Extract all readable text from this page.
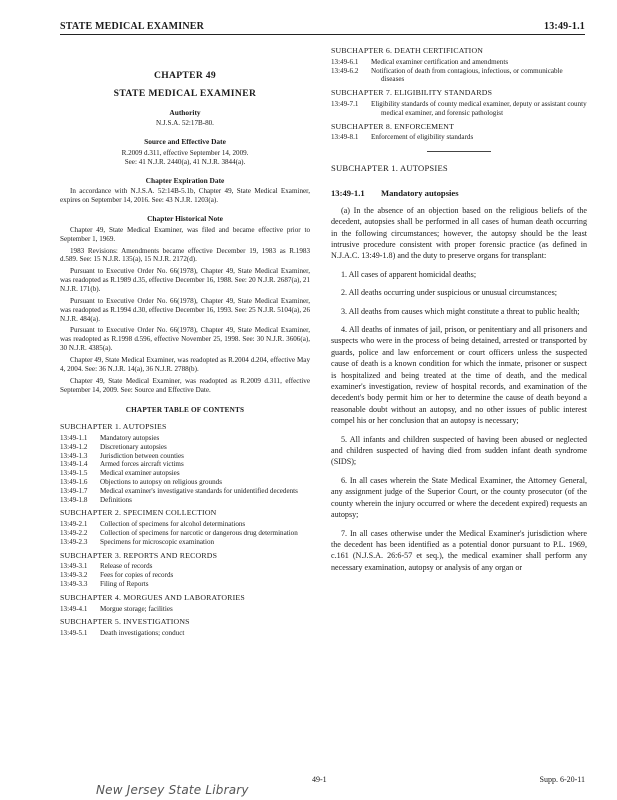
STATE MEDICAL EXAMINER	13:49-1.1
CHAPTER 49
STATE MEDICAL EXAMINER
Authority
N.J.S.A. 52:17B-80.
Source and Effective Date
R.2009 d.311, effective September 14, 2009.
See: 41 N.J.R. 2440(a), 41 N.J.R. 3844(a).
Chapter Expiration Date

In accordance with N.J.S.A. 52:14B-5.1b, Chapter 49, State Medical Examiner, expires on September 14, 2016. See: 43 N.J.R. 1203(a).

Chapter Historical Note

Chapter 49, State Medical Examiner, was filed and became effective prior to September 1, 1969.

1983 Revisions: Amendments became effective December 19, 1983 as R.1983 d.589. See: 15 N.J.R. 135(a), 15 N.J.R. 2172(d).

Pursuant to Executive Order No. 66(1978), Chapter 49, State Medical Examiner, was readopted as R.1989 d.35, effective December 16, 1988. See: 20 N.J.R. 2687(a), 21 N.J.R. 171(b).

Pursuant to Executive Order No. 66(1978), Chapter 49, State Medical Examiner, was readopted as R.1994 d.30, effective December 16, 1993. See: 25 N.J.R. 5104(a), 26 N.J.R. 484(a).

Pursuant to Executive Order No. 66(1978), Chapter 49, State Medical Examiner, was readopted as R.1998 d.596, effective November 25, 1998. See: 30 N.J.R. 3606(a), 30 N.J.R. 4385(a).

Chapter 49, State Medical Examiner, was readopted as R.2004 d.204, effective May 4, 2004. See: 36 N.J.R. 14(a), 36 N.J.R. 2788(b).

Chapter 49, State Medical Examiner, was readopted as R.2009 d.311, effective September 14, 2009. See: Source and Effective Date.

CHAPTER TABLE OF CONTENTS
SUBCHAPTER 1. AUTOPSIES
13:49-1.1	Mandatory autopsies
13:49-1.2	Discretionary autopsies
13:49-1.3	Jurisdiction between counties
13:49-1.4	Armed forces aircraft victims
13:49-1.5	Medical examiner autopsies
13:49-1.6	Objections to autopsy on religious grounds
13:49-1.7	Medical examiner's investigative standards for unidentified decedents
13:49-1.8	Definitions
SUBCHAPTER 2. SPECIMEN COLLECTION
13:49-2.1	Collection of specimens for alcohol determinations
13:49-2.2	Collection of specimens for narcotic or dangerous drug determination
13:49-2.3	Specimens for microscopic examination
SUBCHAPTER 3. REPORTS AND RECORDS
13:49-3.1	Release of records
13:49-3.2	Fees for copies of records
13:49-3.3	Filing of Reports
SUBCHAPTER 4. MORGUES AND LABORATORIES
13:49-4.1	Morgue storage; facilities
SUBCHAPTER 5. INVESTIGATIONS
13:49-5.1	Death investigations; conduct
SUBCHAPTER 6. DEATH CERTIFICATION
13:49-6.1	Medical examiner certification and amendments
13:49-6.2	Notification of death from contagious, infectious, or communicable diseases
SUBCHAPTER 7. ELIGIBILITY STANDARDS
13:49-7.1	Eligibility standards of county medical examiner, deputy or assistant county medical examiner, and forensic pathologist
SUBCHAPTER 8. ENFORCEMENT
13:49-8.1	Enforcement of eligibility standards
SUBCHAPTER 1. AUTOPSIES
13:49-1.1 Mandatory autopsies

(a) In the absence of an objection based on the religious beliefs of the decedent, autopsies shall be performed in all cases of human death occurring in the following circumstances; however, the autopsy should be the least intrusive procedure consistent with proper forensic practice (as defined in N.J.A.C. 13:49-1.8) and the duty to preserve organs for transplant:

1. All cases of apparent homicidal deaths;

2. All deaths occurring under suspicious or unusual circumstances;

3. All deaths from causes which might constitute a threat to public health;

4. All deaths of inmates of jail, prison, or penitentiary and all prisoners and suspects who were in the process of being detained, arrested or transported by guards, police and law enforcement or court officers unless the suspected cause of death is a known condition for which the inmate, prisoner or suspect is hospitalized and being treated at the time of death, and the medical examiner's investigation, review of hospital records, and examination of the decedent's body permit him or her to determine the cause of death beyond a reasonable doubt without an autopsy, and no other issues of public interest compel his or her conclusion that an autopsy is necessary;

5. All infants and children suspected of having been abused or neglected and children suspected of having died from sudden infant death syndrome (SIDS);

6. In all cases wherein the State Medical Examiner, the Attorney General, any assignment judge of the Superior Court, or the county prosecutor (of the county wherein the injury occurred or where the decedent expired) requests an autopsy;

7. In all cases otherwise under the Medical Examiner's jurisdiction where the decedent has been identified as a potential donor pursuant to P.L. 1969, c.161 (N.J.S.A. 26:6-57 et seq.), the medical examiner shall perform any necessary examination, autopsy or analysis of any organ or

49-1	Supp. 6-20-11
New Jersey State Library
